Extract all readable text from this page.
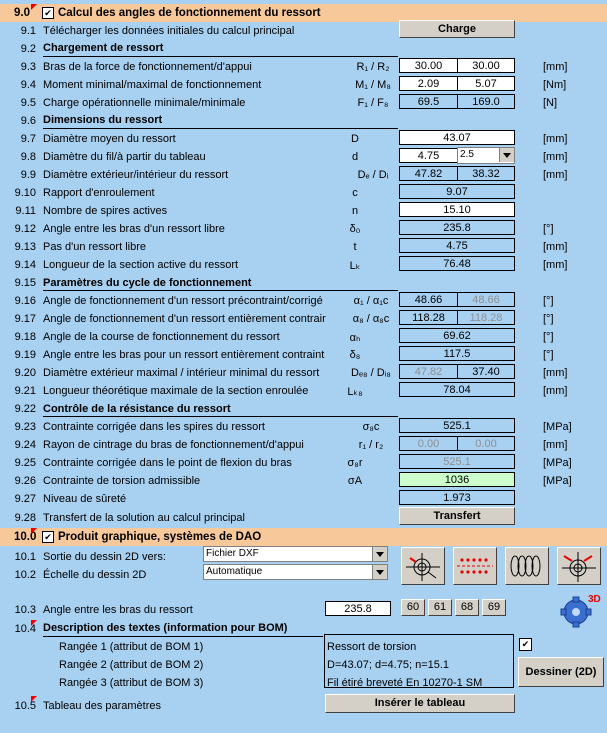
9.0 ✔ Calcul des angles de fonctionnement du ressort
9.1 Télécharger les données initiales du calcul principal	Charge
9.2 Chargement de ressort
9.3 Bras de la force de fonctionnement/d'appui	R₁ / R₂	30.00	30.00	[mm]
9.4 Moment minimal/maximal de fonctionnement	M₁ / M₈	2.09	5.07	[Nm]
9.5 Charge opérationnelle minimale/minimale	F₁ / F₈	69.5	169.0	[N]
9.6 Dimensions du ressort
9.7 Diamètre moyen du ressort	D	43.07	[mm]
9.8 Diamètre du fil/à partir du tableau	d	4.75	2.5	[mm]
9.9 Diamètre extérieur/intérieur du ressort	Dₑ / Dᵢ	47.82	38.32	[mm]
9.10 Rapport d'enroulement	c	9.07
9.11 Nombre de spires actives	n	15.10
9.12 Angle entre les bras d'un ressort libre	δ₀	235.8	[°]
9.13 Pas d'un ressort libre	t	4.75	[mm]
9.14 Longueur de la section active du ressort	Lₖ	76.48	[mm]
9.15 Paramètres du cycle de fonctionnement
9.16 Angle de fonctionnement d'un ressort précontraint/corrigé	α₁ / α₁c	48.66	48.66	[°]
9.17 Angle de fonctionnement d'un ressort entièrement contrair	α₈ / α₈c	118.28	118.28	[°]
9.18 Angle de la course de fonctionnement du ressort	αₕ	69.62	[°]
9.19 Angle entre les bras pour un ressort entièrement contraint	δ₈	117.5	[°]
9.20 Diamètre extérieur maximal / intérieur minimal du ressort	Dₑ₈ / Dᵢ₈	47.82	37.40	[mm]
9.21 Longueur théorétique maximale de la section enroulée	Lₖ₈	78.04	[mm]
9.22 Contrôle de la résistance du ressort
9.23 Contrainte corrigée dans les spires du ressort	σ₈c	525.1	[MPa]
9.24 Rayon de cintrage du bras de fonctionnement/d'appui	r₁ / r₂	0.00	0.00	[mm]
9.25 Contrainte corrigée dans le point de flexion du bras	σ₈r	525.1	[MPa]
9.26 Contrainte de torsion admissible	σA	1036	[MPa]
9.27 Niveau de sûreté	1.973
9.28 Transfert de la solution au calcul principal	Transfert
10.0 ✔ Produit graphique, systèmes de DAO
10.1 Sortie du dessin 2D vers:	Fichier DXF
10.2 Échelle du dessin 2D	Automatique
3D
10.3 Angle entre les bras du ressort	235.8	60	61	68	69
10.4 Description des textes (information pour BOM)
Rangée 1 (attribut de BOM 1)
Rangée 2 (attribut de BOM 2)
Rangée 3 (attribut de BOM 3)
Ressort de torsion
D=43.07; d=4.75; n=15.1
Fil étiré breveté En 10270-1 SM
✔
Dessiner (2D)
10.5 Tableau des paramètres	Insérer le tableau
